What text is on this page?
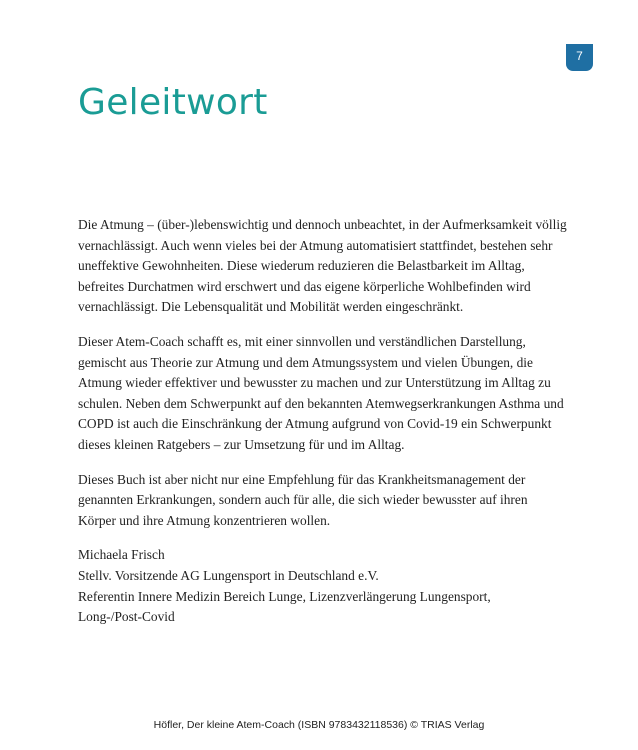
7
Geleitwort

Die Atmung – (über-)lebenswichtig und dennoch unbeachtet, in der Aufmerksamkeit völlig vernachlässigt. Auch wenn vieles bei der Atmung automatisiert stattfindet, bestehen sehr uneffektive Gewohnheiten. Diese wiederum reduzieren die Belastbarkeit im Alltag, befreites Durchatmen wird erschwert und das eigene körperliche Wohlbefinden wird vernachlässigt. Die Lebensqualität und Mobilität werden eingeschränkt.

Dieser Atem-Coach schafft es, mit einer sinnvollen und verständlichen Darstellung, gemischt aus Theorie zur Atmung und dem Atmungssystem und vielen Übungen, die Atmung wieder effektiver und bewusster zu machen und zur Unterstützung im Alltag zu schulen. Neben dem Schwerpunkt auf den bekannten Atemwegserkrankungen Asthma und COPD ist auch die Einschränkung der Atmung aufgrund von Covid-19 ein Schwerpunkt dieses kleinen Ratgebers – zur Umsetzung für und im Alltag.

Dieses Buch ist aber nicht nur eine Empfehlung für das Krankheitsmanagement der genannten Erkrankungen, sondern auch für alle, die sich wieder bewusster auf ihren Körper und ihre Atmung konzentrieren wollen.

Michaela Frisch
Stellv. Vorsitzende AG Lungensport in Deutschland e.V.
Referentin Innere Medizin Bereich Lunge, Lizenzverlängerung Lungensport,
Long-/Post-Covid
Höfler, Der kleine Atem-Coach (ISBN 9783432118536) © TRIAS Verlag
